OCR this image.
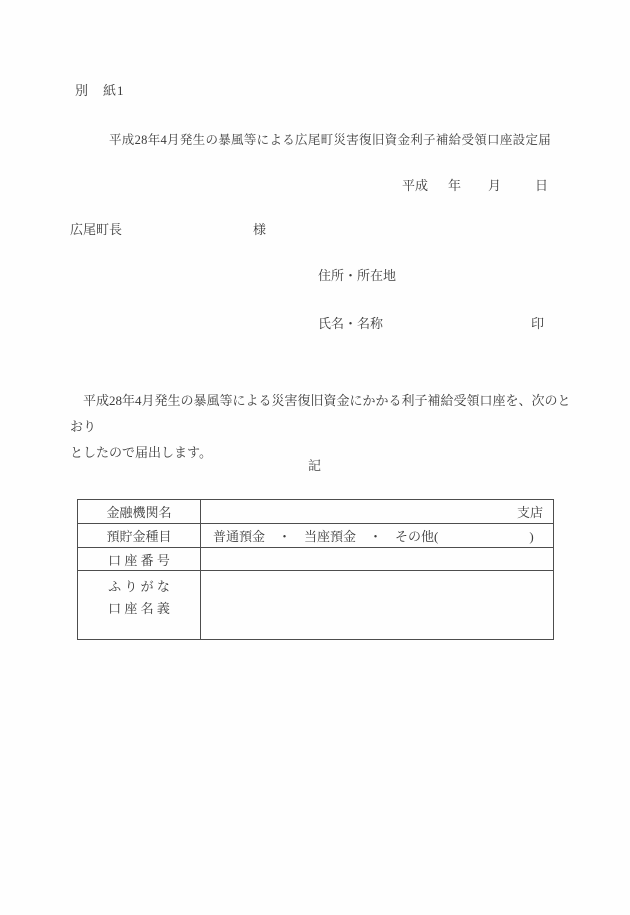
別　紙1
平成28年4月発生の暴風等による広尾町災害復旧資金利子補給受領口座設定届
平成 年 月	日
広尾町長	様
住所・所在地
氏名・名称	印
平成28年4月発生の暴風等による災害復旧資金にかかる利子補給受領口座を、次のとおり
としたので届出します。
記
金融機関名	支店
預貯金種目	普通預金　・　当座預金　・　その他(　　　　　　　)
口 座 番 号	

ふ り が な
口 座 名 義	
